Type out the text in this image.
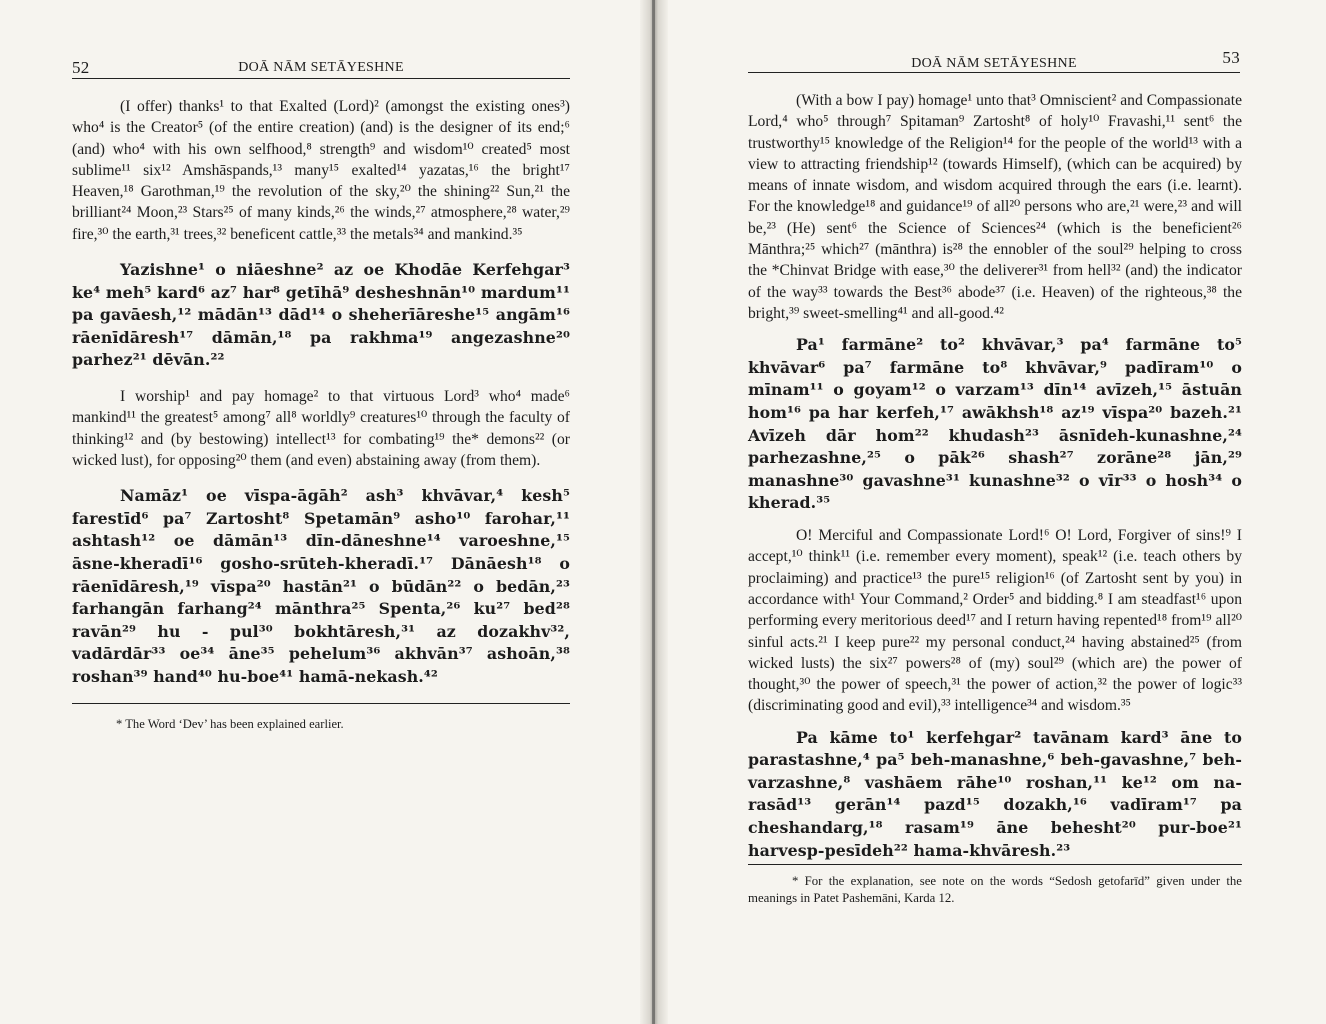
52	DOĀ NĀM SETĀYESHNE

(I offer) thanks¹ to that Exalted (Lord)² (amongst the existing ones³) who⁴ is the Creator⁵ (of the entire creation) (and) is the designer of its end;⁶ (and) who⁴ with his own selfhood,⁸ strength⁹ and wisdom¹⁰ created⁵ most sublime¹¹ six¹² Amshāspands,¹³ many¹⁵ exalted¹⁴ yazatas,¹⁶ the bright¹⁷ Heaven,¹⁸ Garothman,¹⁹ the revolution of the sky,²⁰ the shining²² Sun,²¹ the brilliant²⁴ Moon,²³ Stars²⁵ of many kinds,²⁶ the winds,²⁷ atmosphere,²⁸ water,²⁹ fire,³⁰ the earth,³¹ trees,³² beneficent cattle,³³ the metals³⁴ and mankind.³⁵

Yazishne¹ o niāeshne² az oe Khodāe Kerfehgar³ ke⁴ meh⁵ kard⁶ az⁷ har⁸ getīhā⁹ desheshnān¹⁰ mardum¹¹ pa gavāesh,¹² mādān¹³ dād¹⁴ o sheherīāreshe¹⁵ angām¹⁶ rāenīdāresh¹⁷ dāmān,¹⁸ pa rakhma¹⁹ angezashne²⁰ parhez²¹ dēvān.²²

I worship¹ and pay homage² to that virtuous Lord³ who⁴ made⁶ mankind¹¹ the greatest⁵ among⁷ all⁸ worldly⁹ creatures¹⁰ through the faculty of thinking¹² and (by bestowing) intellect¹³ for combating¹⁹ the* demons²² (or wicked lust), for opposing²⁰ them (and even) abstaining away (from them).

Namāz¹ oe vīspa-āgāh² ash³ khvāvar,⁴ kesh⁵ farestīd⁶ pa⁷ Zartosht⁸ Spetamān⁹ asho¹⁰ farohar,¹¹ ashtash¹² oe dāmān¹³ dīn-dāneshne¹⁴ varoeshne,¹⁵ āsne-kheradī¹⁶ gosho-srūteh-kheradī.¹⁷ Dānāesh¹⁸ o rāenīdāresh,¹⁹ vīspa²⁰ hastān²¹ o būdān²² o bedān,²³ farhangān farhang²⁴ mānthra²⁵ Spenta,²⁶ ku²⁷ bed²⁸ ravān²⁹ hu - pul³⁰ bokhtāresh,³¹ az dozakhv³², vadārdār³³ oe³⁴ āne³⁵ pehelum³⁶ akhvān³⁷ ashoān,³⁸ roshan³⁹ hand⁴⁰ hu-boe⁴¹ hamā-nekash.⁴²

* The Word ‘Dev’ has been explained earlier.

DOĀ NĀM SETĀYESHNE	53

(With a bow I pay) homage¹ unto that³ Omniscient² and Compassionate Lord,⁴ who⁵ through⁷ Spitaman⁹ Zartosht⁸ of holy¹⁰ Fravashi,¹¹ sent⁶ the trustworthy¹⁵ knowledge of the Religion¹⁴ for the people of the world¹³ with a view to attracting friendship¹² (towards Himself), (which can be acquired) by means of innate wisdom, and wisdom acquired through the ears (i.e. learnt). For the knowledge¹⁸ and guidance¹⁹ of all²⁰ persons who are,²¹ were,²³ and will be,²³ (He) sent⁶ the Science of Sciences²⁴ (which is the beneficient²⁶ Mānthra;²⁵ which²⁷ (mānthra) is²⁸ the ennobler of the soul²⁹ helping to cross the *Chinvat Bridge with ease,³⁰ the deliverer³¹ from hell³² (and) the indicator of the way³³ towards the Best³⁶ abode³⁷ (i.e. Heaven) of the righteous,³⁸ the bright,³⁹ sweet-smelling⁴¹ and all-good.⁴²

Pa¹ farmāne² to² khvāvar,³ pa⁴ farmāne to⁵ khvāvar⁶ pa⁷ farmāne to⁸ khvāvar,⁹ padīram¹⁰ o mīnam¹¹ o goyam¹² o varzam¹³ dīn¹⁴ avīzeh,¹⁵ āstuān hom¹⁶ pa har kerfeh,¹⁷ awākhsh¹⁸ az¹⁹ vīspa²⁰ bazeh.²¹ Avīzeh dār hom²² khudash²³ āsnīdeh-kunashne,²⁴ parhezashne,²⁵ o pāk²⁶ shash²⁷ zorāne²⁸ jān,²⁹ manashne³⁰ gavashne³¹ kunashne³² o vīr³³ o hosh³⁴ o kherad.³⁵

O! Merciful and Compassionate Lord!⁶ O! Lord, Forgiver of sins!⁹ I accept,¹⁰ think¹¹ (i.e. remember every moment), speak¹² (i.e. teach others by proclaiming) and practice¹³ the pure¹⁵ religion¹⁶ (of Zartosht sent by you) in accordance with¹ Your Command,² Order⁵ and bidding.⁸ I am steadfast¹⁶ upon performing every meritorious deed¹⁷ and I return having repented¹⁸ from¹⁹ all²⁰ sinful acts.²¹ I keep pure²² my personal conduct,²⁴ having abstained²⁵ (from wicked lusts) the six²⁷ powers²⁸ of (my) soul²⁹ (which are) the power of thought,³⁰ the power of speech,³¹ the power of action,³² the power of logic³³ (discriminating good and evil),³³ intelligence³⁴ and wisdom.³⁵

Pa kāme to¹ kerfehgar² tavānam kard³ āne to parastashne,⁴ pa⁵ beh-manashne,⁶ beh-gavashne,⁷ beh-varzashne,⁸ vashāem rāhe¹⁰ roshan,¹¹ ke¹² om na-rasād¹³ gerān¹⁴ pazd¹⁵ dozakh,¹⁶ vadīram¹⁷ pa cheshandarg,¹⁸ rasam¹⁹ āne behesht²⁰ pur-boe²¹ harvesp-pesīdeh²² hama-khvāresh.²³

* For the explanation, see note on the words “Sedosh getofarīd” given under the meanings in Patet Pashemāni, Karda 12.
